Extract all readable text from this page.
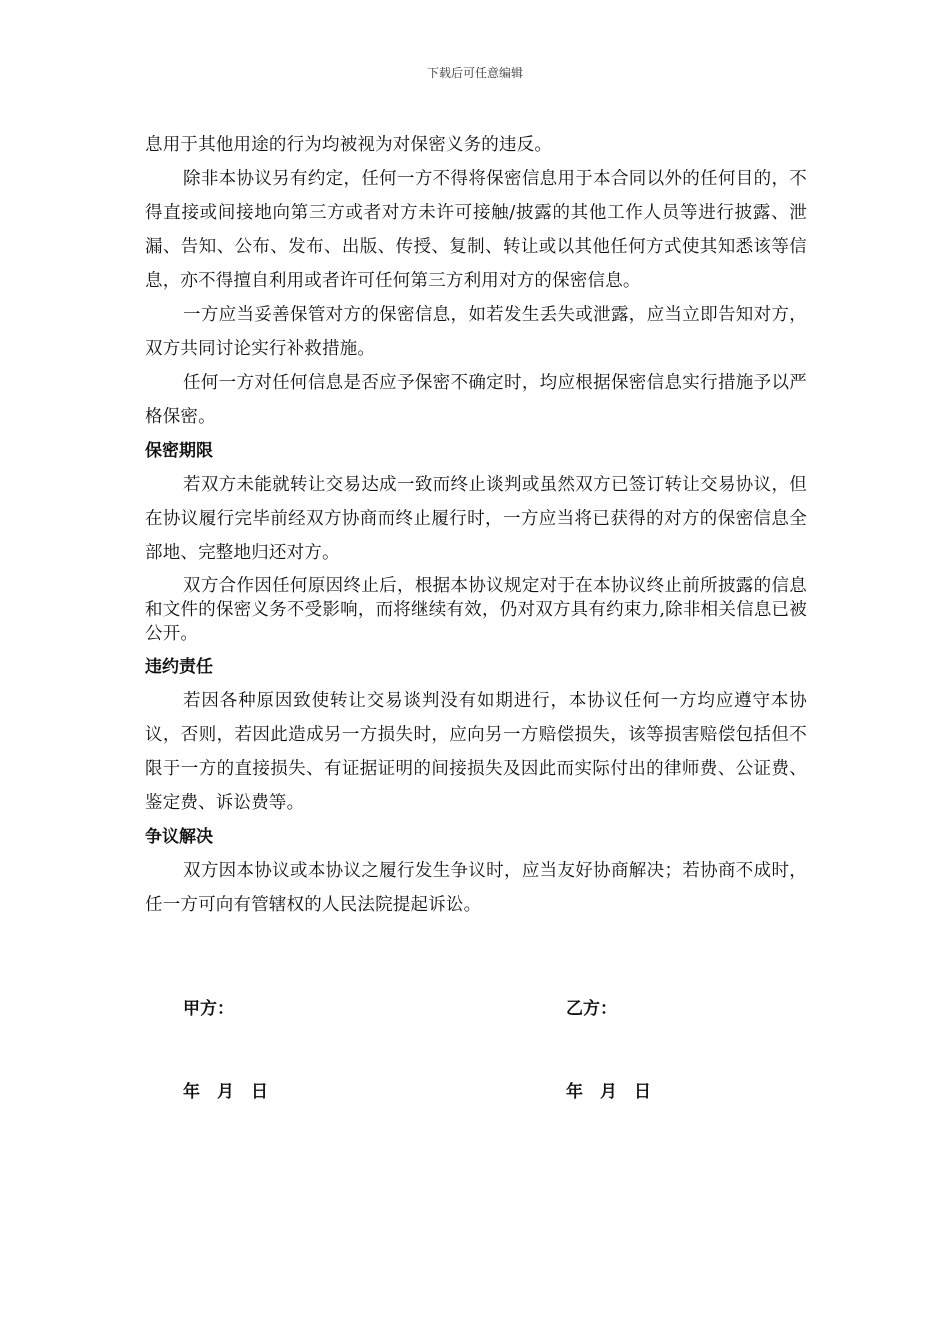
下载后可任意编辑

息用于其他用途的行为均被视为对保密义务的违反。

除非本协议另有约定，任何一方不得将保密信息用于本合同以外的任何目的，不得直接或间接地向第三方或者对方未许可接触/披露的其他工作人员等进行披露、泄漏、告知、公布、发布、出版、传授、复制、转让或以其他任何方式使其知悉该等信息，亦不得擅自利用或者许可任何第三方利用对方的保密信息。

一方应当妥善保管对方的保密信息，如若发生丢失或泄露，应当立即告知对方，双方共同讨论实行补救措施。

任何一方对任何信息是否应予保密不确定时，均应根据保密信息实行措施予以严格保密。

保密期限

若双方未能就转让交易达成一致而终止谈判或虽然双方已签订转让交易协议，但在协议履行完毕前经双方协商而终止履行时，一方应当将已获得的对方的保密信息全部地、完整地归还对方。

双方合作因任何原因终止后，根据本协议规定对于在本协议终止前所披露的信息和文件的保密义务不受影响，而将继续有效，仍对双方具有约束力,除非相关信息已被公开。

违约责任

若因各种原因致使转让交易谈判没有如期进行，本协议任何一方均应遵守本协议，否则，若因此造成另一方损失时，应向另一方赔偿损失，该等损害赔偿包括但不限于一方的直接损失、有证据证明的间接损失及因此而实际付出的律师费、公证费、鉴定费、诉讼费等。

争议解决

双方因本协议或本协议之履行发生争议时，应当友好协商解决；若协商不成时，任一方可向有管辖权的人民法院提起诉讼。

甲方：	乙方：
年　月　日	年　月　日
